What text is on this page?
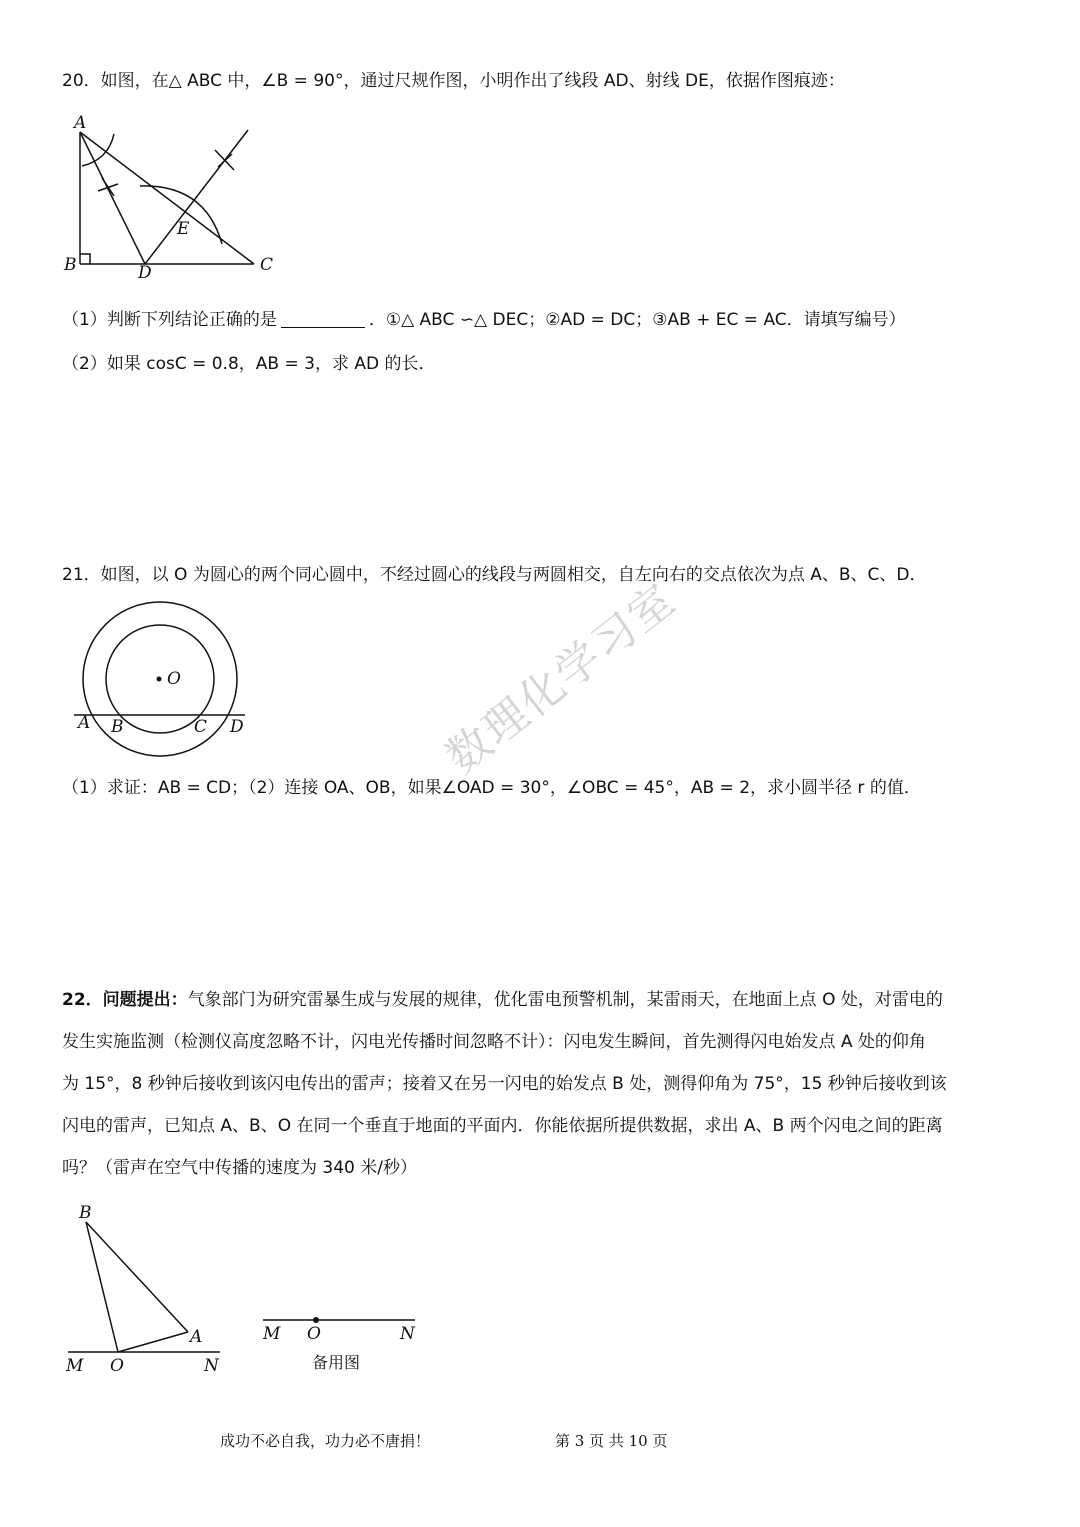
20．如图，在△ ABC 中，∠B = 90°，通过尺规作图，小明作出了线段 AD、射线 DE，依据作图痕迹：
A
B	D	C
E
（1）判断下列结论正确的是	．①△ ABC ∽△ DEC；②AD = DC；③AB + EC = AC．请填写编号）
（2）如果 cosC = 0.8，AB = 3，求 AD 的长．
21．如图，以 O 为圆心的两个同心圆中，不经过圆心的线段与两圆相交，自左向右的交点依次为点 A、B、C、D．
O
A B	C D
（1）求证：AB = CD；（2）连接 OA、OB，如果∠OAD = 30°，∠OBC = 45°，AB = 2，求小圆半径 r 的值．
数理化学习室
22．问题提出：气象部门为研究雷暴生成与发展的规律，优化雷电预警机制，某雷雨天，在地面上点 O 处，对雷电的
发生实施监测（检测仪高度忽略不计，闪电光传播时间忽略不计）：闪电发生瞬间，首先测得闪电始发点 A 处的仰角
为 15°，8 秒钟后接收到该闪电传出的雷声；接着又在另一闪电的始发点 B 处，测得仰角为 75°，15 秒钟后接收到该
闪电的雷声，已知点 A、B、O 在同一个垂直于地面的平面内．你能依据所提供数据，求出 A、B 两个闪电之间的距离
吗？（雷声在空气中传播的速度为 340 米/秒）
B
A
M O	N
M O	N
备用图
成功不必自我，功力必不唐捐！	第 3 页 共 10 页
